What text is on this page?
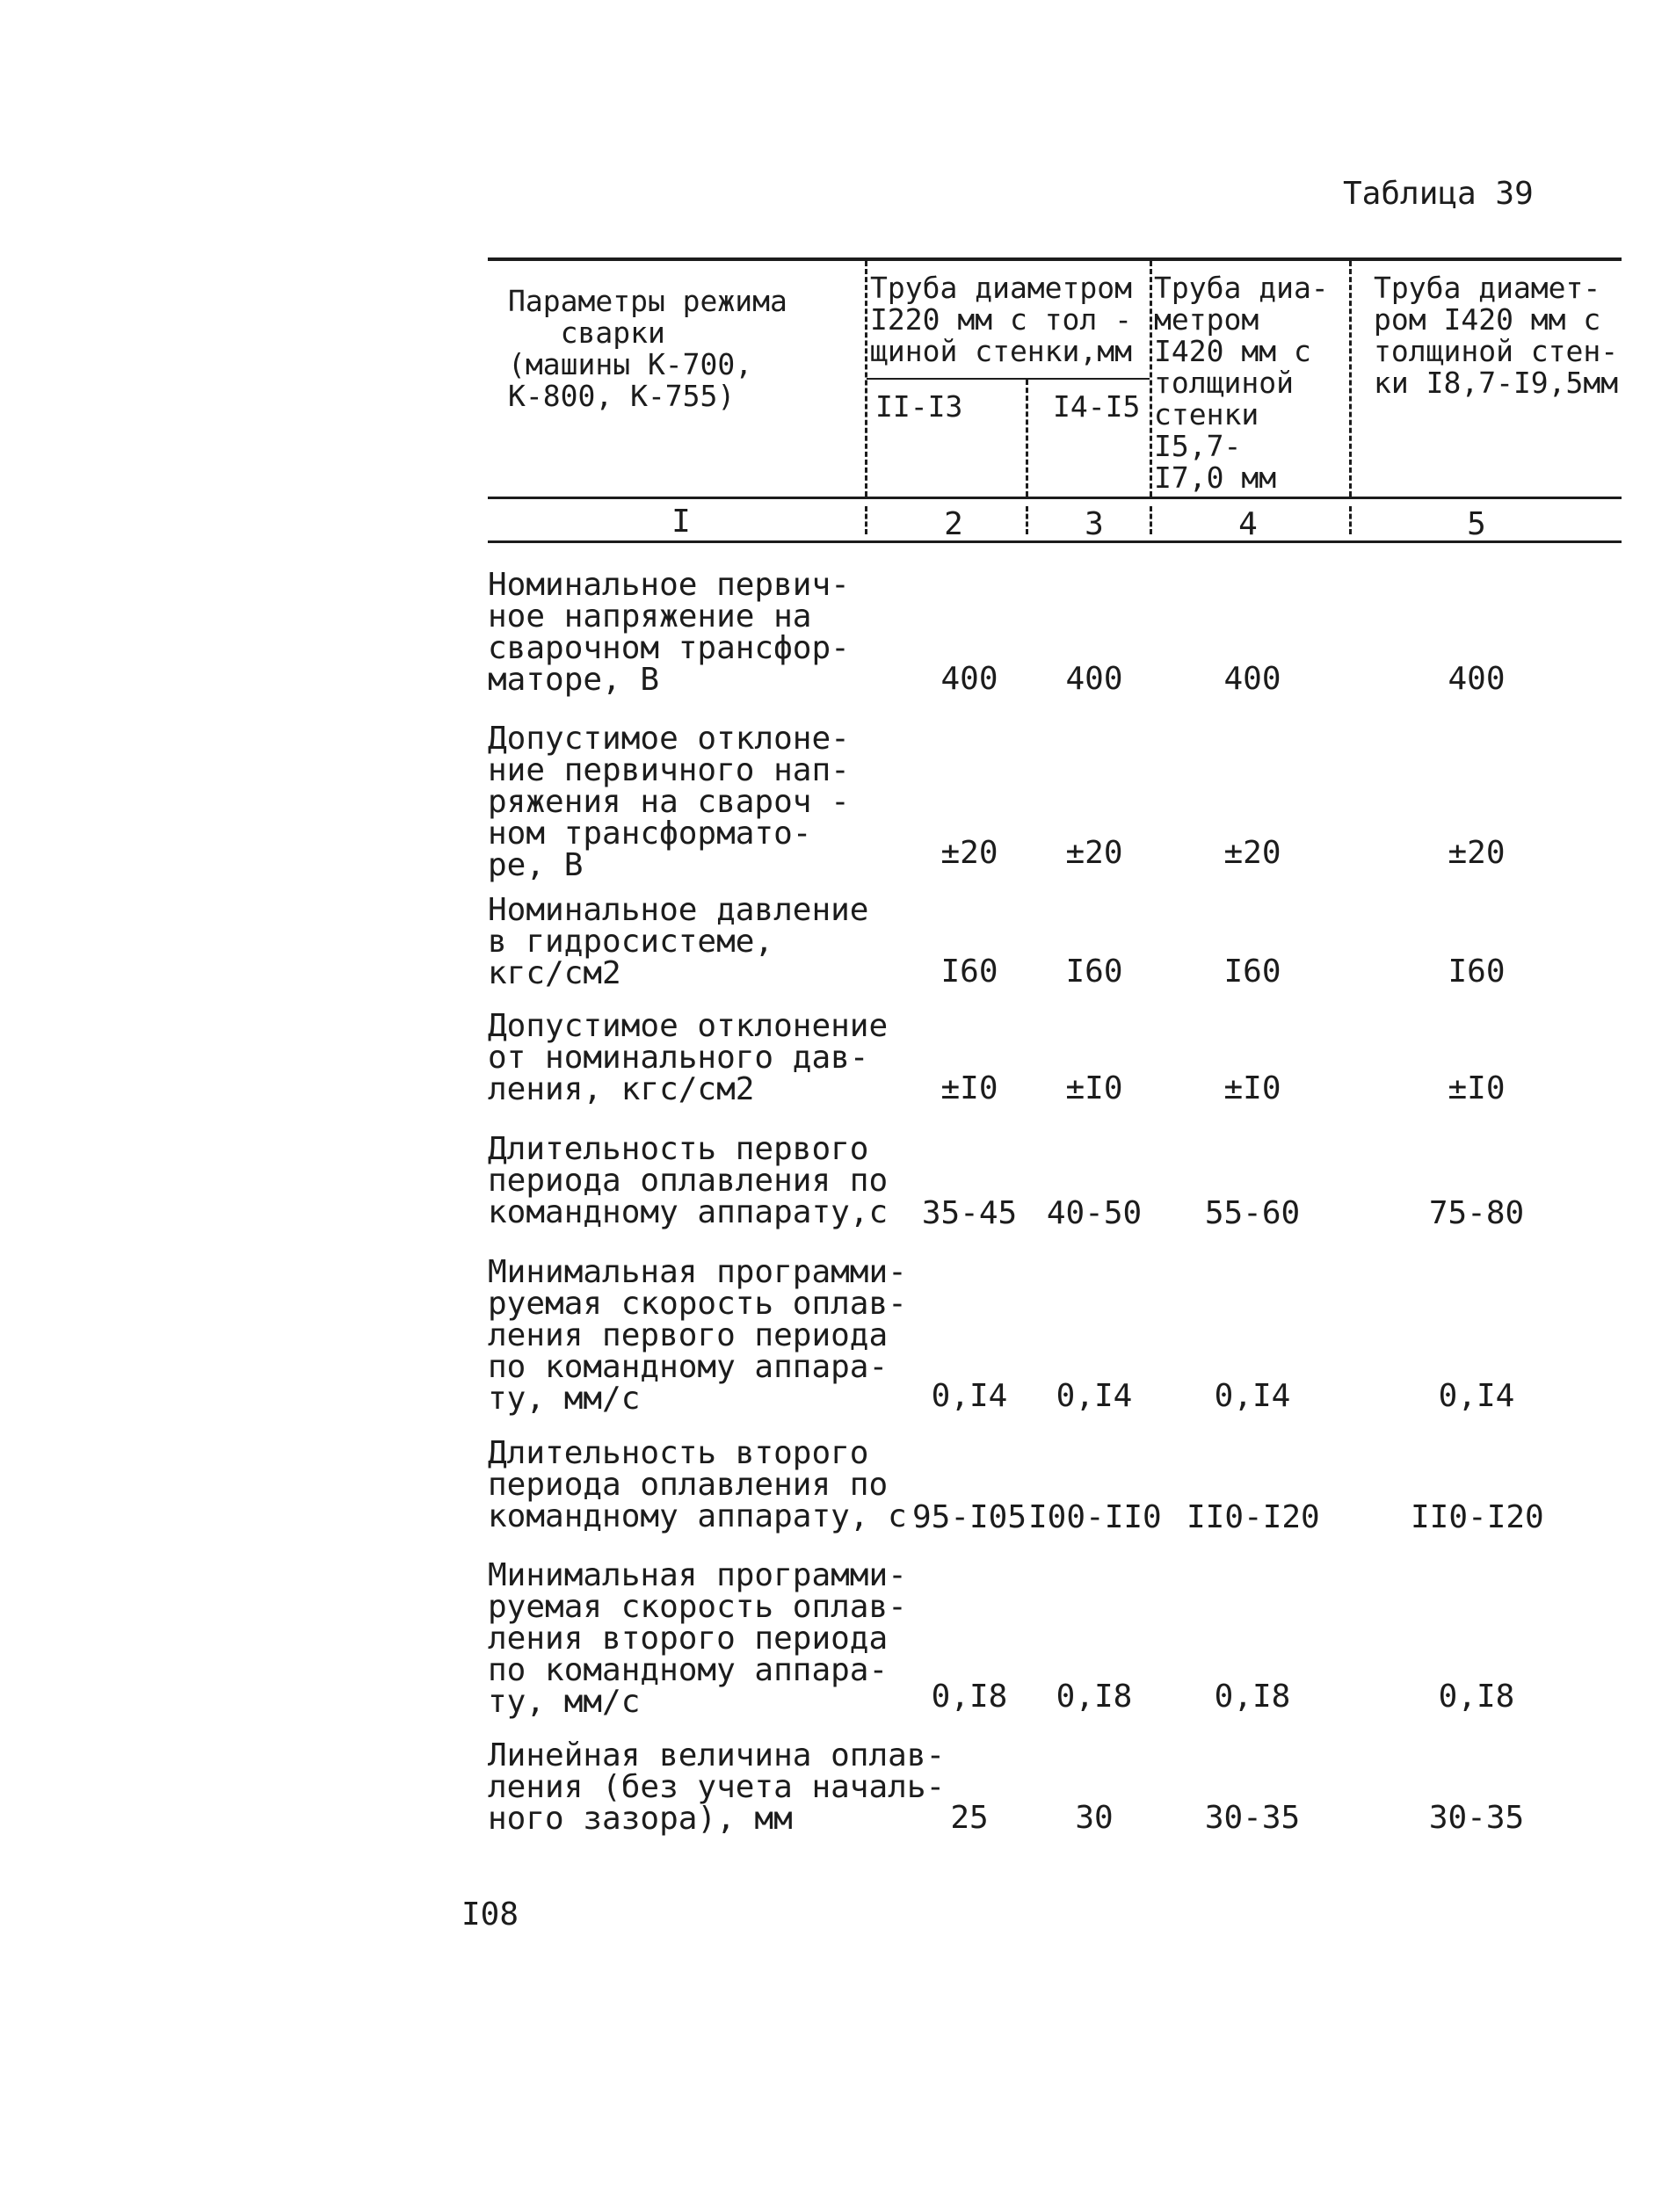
Таблица 39
Параметры режима
сварки
(машины К-700,
К-800, К-755)
Труба диаметром
I220 мм с тол -
щиной стенки,мм
II-I3	I4-I5
Труба диа-
метром
I420 мм с
толщиной
стенки
I5,7-
I7,0 мм
Труба диамет-
ром I420 мм с
толщиной стен-
ки I8,7-I9,5мм
I	2	3	4	5
Номинальное первич-
ное напряжение на
сварочном трансфор-
маторе, В	400	400	400	400
Допустимое отклоне-
ние первичного нап-
ряжения на свароч -
ном трансформато-
ре, В	±20	±20	±20	±20
Номинальное давление
в гидросистеме,
кгс/см2	I60	I60	I60	I60
Допустимое отклонение
от номинального дав-
ления, кгс/см2	±I0	±I0	±I0	±I0
Длительность первого
периода оплавления по
командному аппарату,с	35-45 40-50	55-60	75-80
Минимальная программи-
руемая скорость оплав-
ления первого периода
по командному аппара-
ту, мм/с	0,I4	0,I4	0,I4	0,I4
Длительность второго
периода оплавления по
командному аппарату, с 95-I05 I00-II0 II0-I20	II0-I20
Минимальная программи-
руемая скорость оплав-
ления второго периода
по командному аппара-
ту, мм/с	0,I8	0,I8	0,I8	0,I8
Линейная величина оплав-
ления (без учета началь-
ного зазора), мм	25	30	30-35	30-35
I08
